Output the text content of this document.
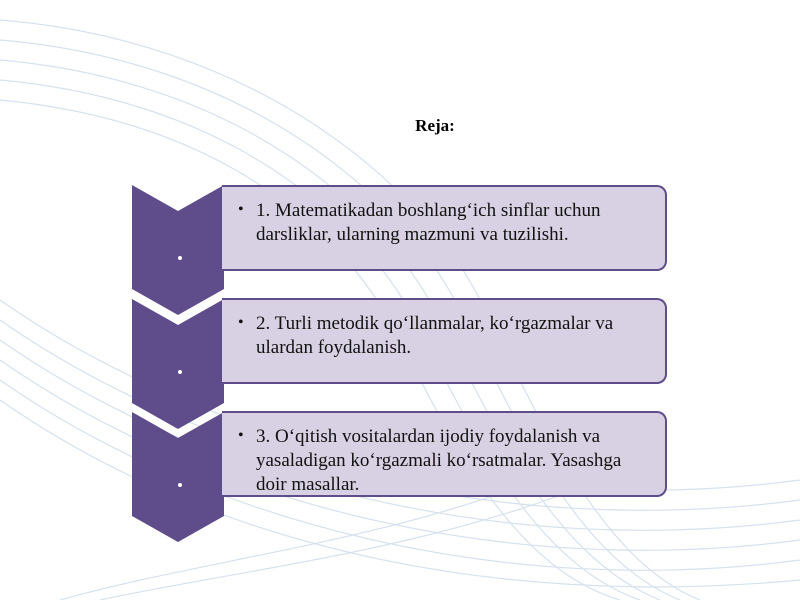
Reja:
• 1. Matematikadan boshlang‘ich sinflar uchun darsliklar, ularning mazmuni va tuzilishi.
• 2. Turli metodik qo‘llanmalar, ko‘rgazmalar va ulardan foydalanish.
• 3. O‘qitish vositalardan ijodiy foydalanish va yasaladigan ko‘rgazmali ko‘rsatmalar. Yasashga doir masallar.
